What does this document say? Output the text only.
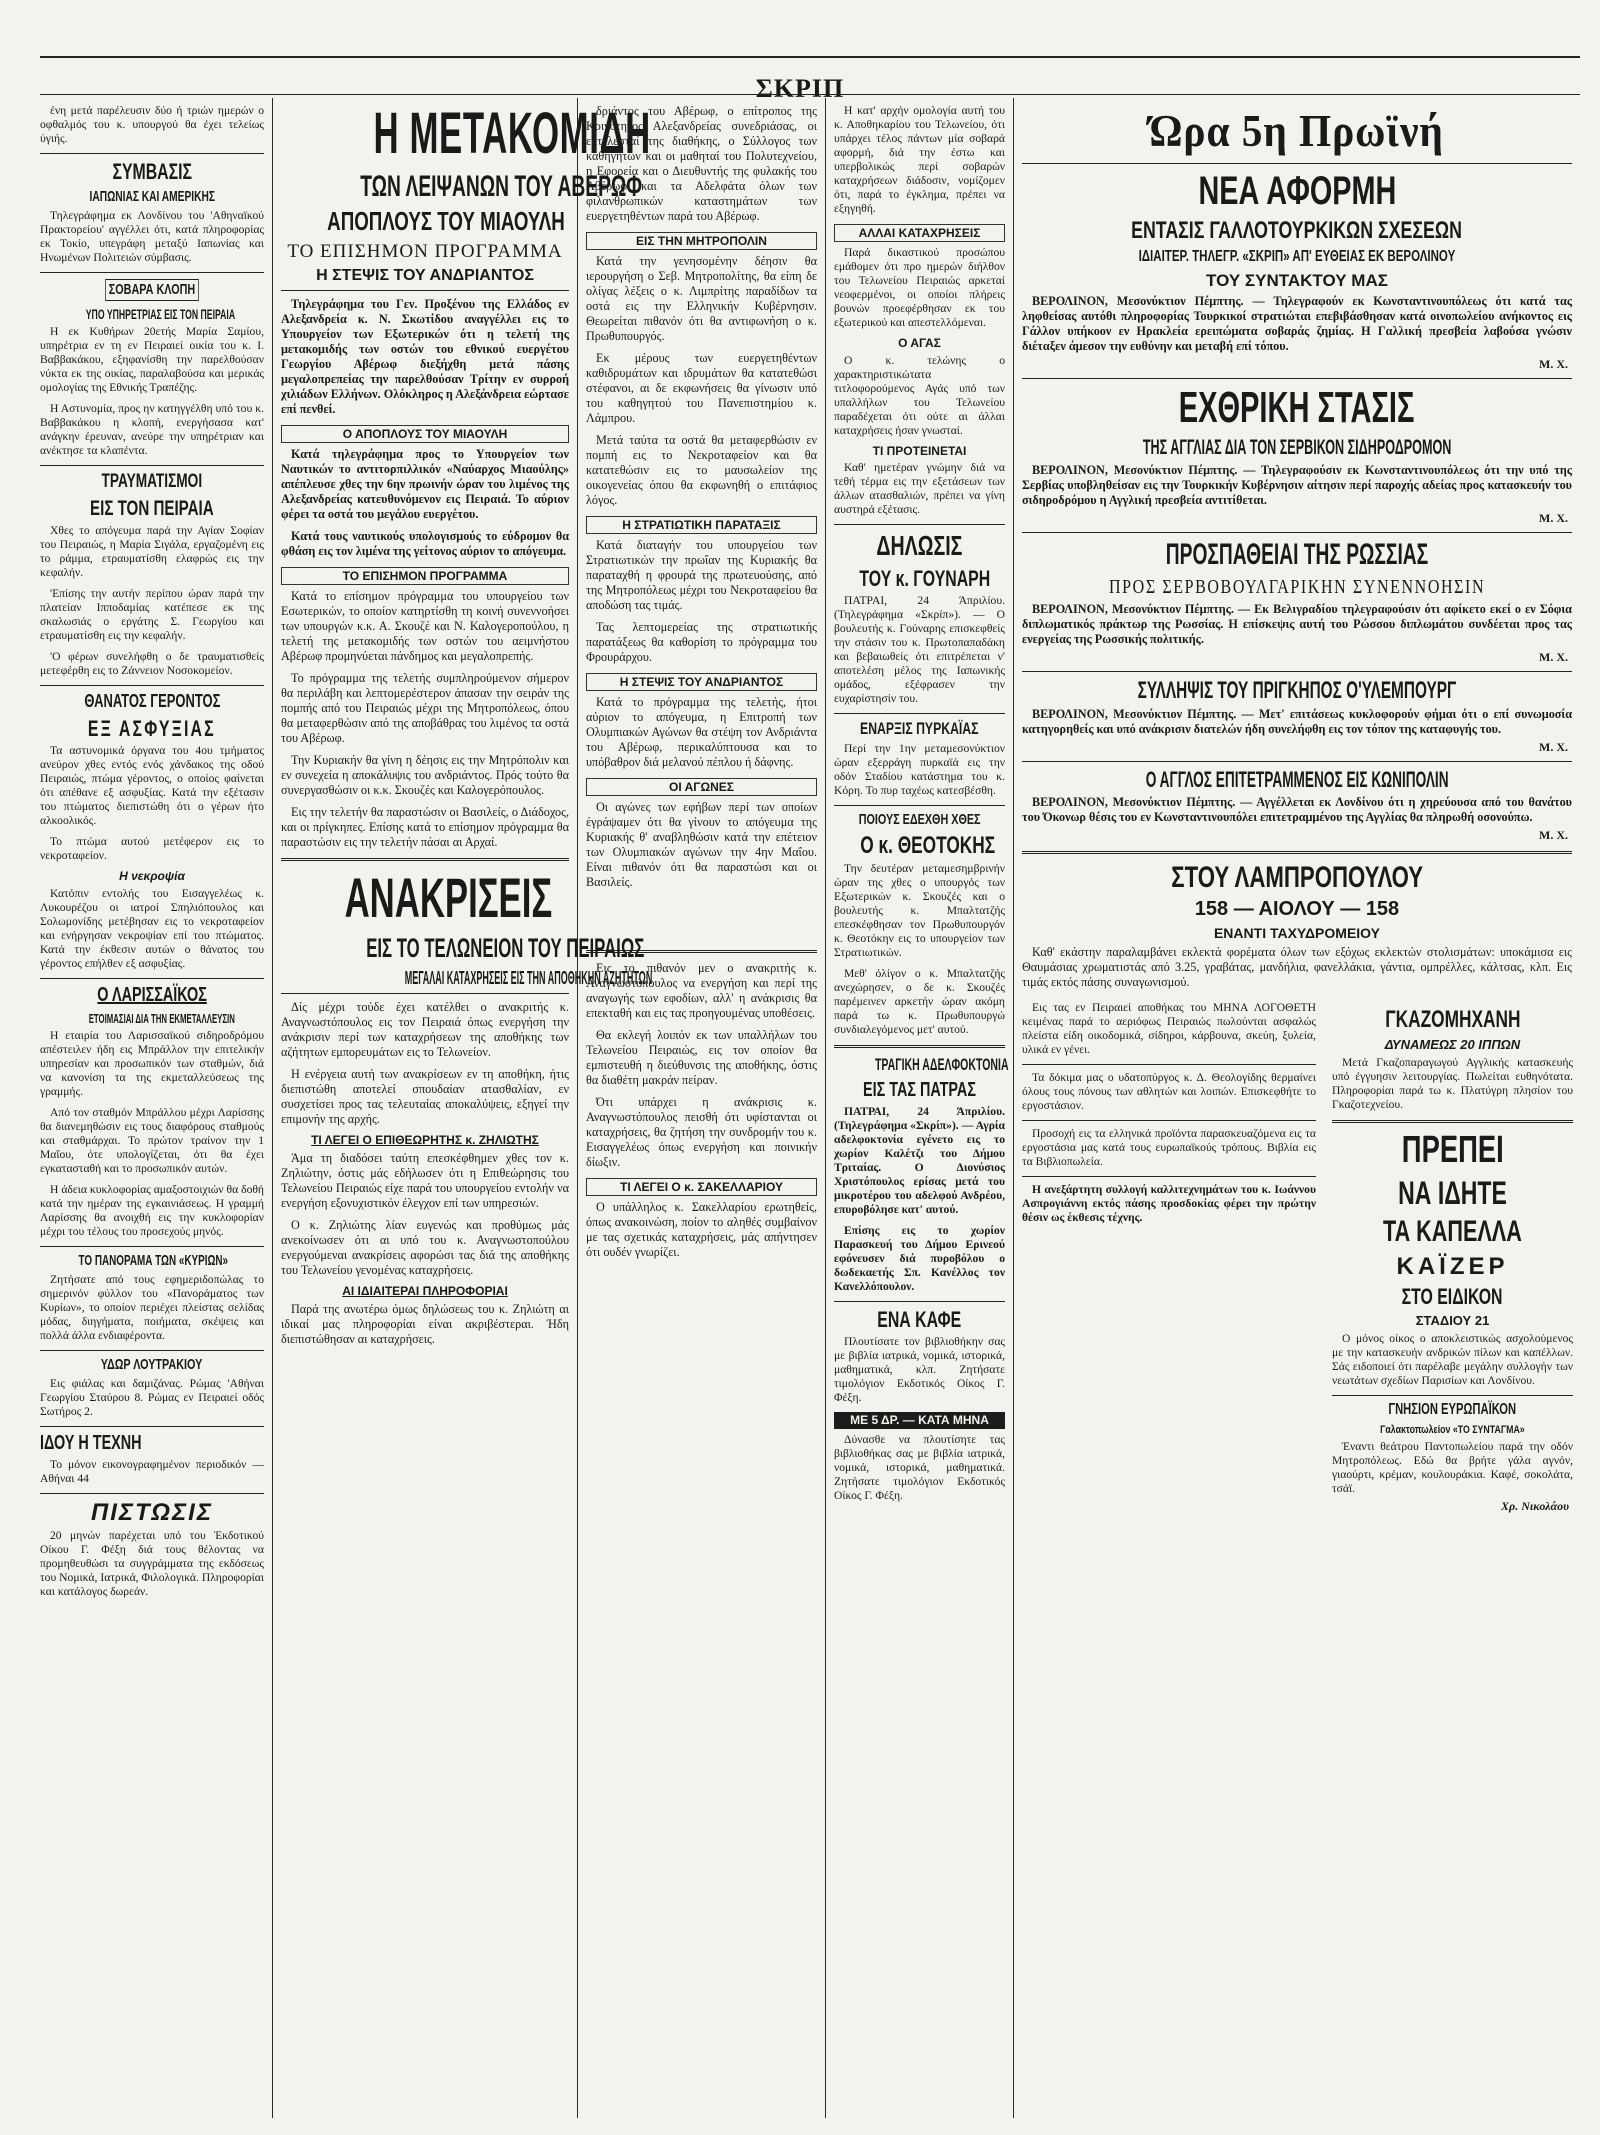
ΣΚΡΙΠ

ένη μετά παρέλευσιν δύο ή τριών ημερών ο οφθαλμός του κ. υπουργού θα έχει τελείως ύγιής.

ΣΥΜΒΑΣΙΣ
ΙΑΠΩΝΙΑΣ ΚΑΙ ΑΜΕΡΙΚΗΣ

Τηλεγράφημα εκ Λονδίνου του 'Αθηναϊκού Πρακτορείου' αγγέλλει ότι, κατά πληροφορίας εκ Τοκίο, υπεγράφη μεταξύ Ιαπωνίας και Ηνωμένων Πολιτειών σύμβασις.

ΣΟΒΑΡΑ ΚΛΟΠΗ
ΥΠΟ ΥΠΗΡΕΤΡΙΑΣ ΕΙΣ ΤΟΝ ΠΕΙΡΑΙΑ

Η εκ Κυθήρων 20ετής Μαρία Σαμίου, υπηρέτρια εν τη εν Πειραιεί οικία του κ. Ι. Βαββακάκου, εξηφανίσθη την παρελθούσαν νύκτα εκ της οικίας, παραλαβούσα και μερικάς ομολογίας της Εθνικής Τραπέζης.

Η Αστυνομία, προς ην κατηγγέλθη υπό του κ. Βαββακάκου η κλοπή, ενεργήσασα κατ' ανάγκην έρευναν, ανεύρε την υπηρέτριαν και ανέκτησε τα κλαπέντα.

ΤΡΑΥΜΑΤΙΣΜΟΙ
ΕΙΣ ΤΟΝ ΠΕΙΡΑΙΑ

Χθες το απόγευμα παρά την Αγίαν Σοφίαν του Πειραιώς, η Μαρία Σιγάλα, εργαζομένη εις το ράμμα, ετραυματίσθη ελαφρώς εις την κεφαλήν.

'Επίσης την αυτήν περίπου ώραν παρά την πλατείαν Ιπποδαμίας κατέπεσε εκ της σκαλωσιάς ο εργάτης Σ. Γεωργίου και ετραυματίσθη εις την κεφαλήν.

'Ο φέρων συνελήφθη ο δε τραυματισθείς μετεφέρθη εις το Ζάννειον Νοσοκομείον.

ΘΑΝΑΤΟΣ ΓΕΡΟΝΤΟΣ
ΕΞ ΑΣΦΥΞΙΑΣ

Τα αστυνομικά όργανα του 4ου τμήματος ανεύρον χθες εντός ενός χάνδακος της οδού Πειραιώς, πτώμα γέροντος, ο οποίος φαίνεται ότι απέθανε εξ ασφυξίας. Κατά την εξέτασιν του πτώματος διεπιστώθη ότι ο γέρων ήτο αλκοολικός.

Το πτώμα αυτού μετέφερον εις το νεκροταφείον.

Η νεκροψία

Κατόπιν εντολής του Εισαγγελέως κ. Λυκουρέζου οι ιατροί Σπηλιόπουλος και Σολωμονίδης μετέβησαν εις το νεκροταφείον και ενήργησαν νεκροψίαν επί του πτώματος. Κατά την έκθεσιν αυτών ο θάνατος του γέροντος επήλθεν εξ ασφυξίας.

Ο ΛΑΡΙΣΣΑΪΚΟΣ
ΕΤΟΙΜΑΣΙΑΙ ΔΙΑ ΤΗΝ ΕΚΜΕΤΑΛΛΕΥΣΙΝ

Η εταιρία του Λαρισσαϊκού σιδηροδρόμου απέστειλεν ήδη εις Μπράλλον την επιτελικήν υπηρεσίαν και προσωπικόν των σταθμών, διά να κανονίση τα της εκμεταλλεύσεως της γραμμής.

Από τον σταθμόν Μπράλλου μέχρι Λαρίσσης θα διανεμηθώσιν εις τους διαφόρους σταθμούς και σταθμάρχαι. Το πρώτον τραίνον την 1 Μαΐου, ότε υπολογίζεται, ότι θα έχει εγκατασταθή και το προσωπικόν αυτών.

Η άδεια κυκλοφορίας αμαξοστοιχιών θα δοθή κατά την ημέραν της εγκαινιάσεως. Η γραμμή Λαρίσσης θα ανοιχθή εις την κυκλοφορίαν μέχρι του τέλους του προσεχούς μηνός.

ΤΟ ΠΑΝΟΡΑΜΑ ΤΩΝ «ΚΥΡΙΩΝ»

Ζητήσατε από τους εφημεριδοπώλας το σημερινόν φύλλον του «Πανοράματος των Κυρίων», το οποίον περιέχει πλείστας σελίδας μόδας, διηγήματα, ποιήματα, σκέψεις και πολλά άλλα ενδιαφέροντα.

ΥΔΩΡ ΛΟΥΤΡΑΚΙΟΥ

Εις φιάλας και δαμιζάνας. Ρώμας 'Αθήναι Γεωργίου Σταύρου 8. Ρώμας εν Πειραιεί οδός Σωτήρος 2.

ΙΔΟΥ Η ΤΕΧΝΗ

Το μόνον εικονογραφημένον περιοδικόν — Αθήναι 44

ΠΙΣΤΩΣΙΣ

20 μηνών παρέχεται υπό του Έκδοτικού Οίκου Γ. Φέξη διά τους θέλοντας να προμηθευθώσι τα συγγράμματα της εκδόσεως του Νομικά, Ιατρικά, Φιλολογικά. Πληροφορίαι και κατάλογος δωρεάν.

Η ΜΕΤΑΚΟΜΙΔΗ
ΤΩΝ ΛΕΙΨΑΝΩΝ ΤΟΥ ΑΒΕΡΩΦ
ΑΠΟΠΛΟΥΣ ΤΟΥ ΜΙΑΟΥΛΗ
ΤΟ ΕΠΙΣΗΜΟΝ ΠΡΟΓΡΑΜΜΑ
Η ΣΤΕΨΙΣ ΤΟΥ ΑΝΔΡΙΑΝΤΟΣ

Τηλεγράφημα του Γεν. Προξένου της Ελλάδος εν Αλεξανδρεία κ. Ν. Σκωτίδου αναγγέλλει εις το Υπουργείον των Εξωτερικών ότι η τελετή της μετακομιδής των οστών του εθνικού ευεργέτου Γεωργίου Αβέρωφ διεξήχθη μετά πάσης μεγαλοπρεπείας την παρελθούσαν Τρίτην εν συρροή χιλιάδων Ελλήνων. Ολόκληρος η Αλεξάνδρεια εώρτασε επί πενθεί.

Ο ΑΠΟΠΛΟΥΣ ΤΟΥ ΜΙΑΟΥΛΗ

Κατά τηλεγράφημα προς το Υπουργείον των Ναυτικών το αντιτορπιλλικόν «Ναύαρχος Μιαούλης» απέπλευσε χθες την 6ην πρωινήν ώραν του λιμένος της Αλεξανδρείας κατευθυνόμενον εις Πειραιά. Το αύριον φέρει τα οστά του μεγάλου ευεργέτου.

Κατά τους ναυτικούς υπολογισμούς το εύδρομον θα φθάση εις τον λιμένα της γείτονος αύριον το απόγευμα.

ΤΟ ΕΠΙΣΗΜΟΝ ΠΡΟΓΡΑΜΜΑ

Κατά το επίσημον πρόγραμμα του υπουργείου των Εσωτερικών, το οποίον κατηρτίσθη τη κοινή συνεννοήσει των υπουργών κ.κ. Α. Σκουζέ και Ν. Καλογεροπούλου, η τελετή της μετακομιδής των οστών του αειμνήστου Αβέρωφ προμηνύεται πάνδημος και μεγαλοπρεπής.

Το πρόγραμμα της τελετής συμπληρούμενον σήμερον θα περιλάβη και λεπτομερέστερον άπασαν την σειράν της πομπής από του Πειραιώς μέχρι της Μητροπόλεως, όπου θα μεταφερθώσιν από της αποβάθρας του λιμένος τα οστά του Αβέρωφ.

Την Κυριακήν θα γίνη η δέησις εις την Μητρόπολιν και εν συνεχεία η αποκάλυψις του ανδριάντος. Πρός τούτο θα συνεργασθώσιν οι κ.κ. Σκουζές και Καλογερόπουλος.

Εις την τελετήν θα παραστώσιν οι Βασιλείς, ο Διάδοχος, και οι πρίγκηπες. Επίσης κατά το επίσημον πρόγραμμα θα παραστώσιν εις την τελετήν πάσαι αι Αρχαί.

ΑΝΑΚΡΙΣΕΙΣ
ΕΙΣ ΤΟ ΤΕΛΩΝΕΙΟΝ ΤΟΥ ΠΕΙΡΑΙΩΣ
ΜΕΓΑΛΑΙ ΚΑΤΑΧΡΗΣΕΙΣ ΕΙΣ ΤΗΝ ΑΠΟΘΗΚΗΝ ΑΖΗΤΗΤΩΝ

Δίς μέχρι τούδε έχει κατέλθει ο ανακριτής κ. Αναγνωστόπουλος εις τον Πειραιά όπως ενεργήση την ανάκρισιν περί των καταχρήσεων της αποθήκης των αζήτητων εμπορευμάτων εις το Τελωνείον.

Η ενέργεια αυτή των ανακρίσεων εν τη αποθήκη, ήτις διεπιστώθη αποτελεί σπουδαίαν ατασθαλίαν, εν συσχετίσει προς τας τελευταίας αποκαλύψεις, εξηγεί την επιμονήν της αρχής.

ΤΙ ΛΕΓΕΙ Ο ΕΠΙΘΕΩΡΗΤΗΣ κ. ΖΗΛΙΩΤΗΣ

Άμα τη διαδόσει ταύτη επεσκέφθημεν χθες τον κ. Ζηλιώτην, όστις μάς εδήλωσεν ότι η Επιθεώρησις του Τελωνείου Πειραιώς είχε παρά του υπουργείου εντολήν να ενεργήση εξονυχιστικόν έλεγχον επί των υπηρεσιών.

Ο κ. Ζηλιώτης λίαν ευγενώς και προθύμως μάς ανεκοίνωσεν ότι αι υπό του κ. Αναγνωστοπούλου ενεργούμεναι ανακρίσεις αφορώσι τας διά της αποθήκης του Τελωνείου γενομένας καταχρήσεις.

ΑΙ ΙΔΙΑΙΤΕΡΑΙ ΠΛΗΡΟΦΟΡΙΑΙ

Παρά της ανωτέρω όμως δηλώσεως του κ. Ζηλιώτη αι ιδικαί μας πληροφορίαι είναι ακριβέστεραι. Ήδη διεπιστώθησαν αι καταχρήσεις.

δριάντος του Αβέρωφ, ο επίτροπος της Κοινότητος Αλεξανδρείας συνεδριάσας, οι εκτελεσταί της διαθήκης, ο Σύλλογος των καθηγητών και οι μαθηταί του Πολυτεχνείου, η Εφορεία και ο Διευθυντής της φυλακής του Αβέρωφ και τα Αδελφάτα όλων των φιλανθρωπικών καταστημάτων των ευεργετηθέντων παρά του Αβέρωφ.

ΕΙΣ ΤΗΝ ΜΗΤΡΟΠΟΛΙΝ

Κατά την γενησομένην δέησιν θα ιερουργήση ο Σεβ. Μητροπολίτης, θα είπη δε ολίγας λέξεις ο κ. Λιμπρίτης παραδίδων τα οστά εις την Ελληνικήν Κυβέρνησιν. Θεωρείται πιθανόν ότι θα αντιφωνήση ο κ. Πρωθυπουργός.

Εκ μέρους των ευεργετηθέντων καθιδρυμάτων και ιδρυμάτων θα κατατεθώσι στέφανοι, αι δε εκφωνήσεις θα γίνωσιν υπό του καθηγητού του Πανεπιστημίου κ. Λάμπρου.

Μετά ταύτα τα οστά θα μεταφερθώσιν εν πομπή εις το Νεκροταφείον και θα κατατεθώσιν εις το μαυσωλείον της οικογενείας όπου θα εκφωνηθή ο επιτάφιος λόγος.

Η ΣΤΡΑΤΙΩΤΙΚΗ ΠΑΡΑΤΑΞΙΣ

Κατά διαταγήν του υπουργείου των Στρατιωτικών την πρωΐαν της Κυριακής θα παραταχθή η φρουρά της πρωτευούσης, από της Μητροπόλεως μέχρι του Νεκροταφείου θα αποδώση τας τιμάς.

Τας λεπτομερείας της στρατιωτικής παρατάξεως θα καθορίση το πρόγραμμα του Φρουράρχου.

Η ΣΤΕΨΙΣ ΤΟΥ ΑΝΔΡΙΑΝΤΟΣ

Κατά το πρόγραμμα της τελετής, ήτοι αύριον το απόγευμα, η Επιτροπή των Ολυμπιακών Αγώνων θα στέψη τον Ανδριάντα του Αβέρωφ, περικαλύπτουσα και το υπόβαθρον διά μελανού πέπλου ή δάφνης.

ΟΙ ΑΓΩΝΕΣ

Οι αγώνες των εφήβων περί των οποίων έγράψαμεν ότι θα γίνουν το απόγευμα της Κυριακής θ' αναβληθώσιν κατά την επέτειον των Ολυμπιακών αγώνων την 4ην Μαΐου. Είναι πιθανόν ότι θα παραστώσι και οι Βασιλείς.

Εις το πιθανόν μεν ο ανακριτής κ. Αναγνωστόπουλος να ενεργήση και περί της αναγωγής των εφοδίων, αλλ' η ανάκρισις θα επεκταθή και εις τας προηγουμένας υποθέσεις.

Θα εκλεγή λοιπόν εκ των υπαλλήλων του Τελωνείου Πειραιώς, εις τον οποίον θα εμπιστευθή η διεύθυνσις της αποθήκης, όστις θα διαθέτη μακράν πείραν.

Ότι υπάρχει η ανάκρισις κ. Αναγνωστόπουλος πεισθή ότι υφίστανται οι καταχρήσεις, θα ζητήση την συνδρομήν του κ. Εισαγγελέως όπως ενεργήση και ποινικήν δίωξιν.

ΤΙ ΛΕΓΕΙ Ο κ. ΣΑΚΕΛΛΑΡΙΟΥ

Ο υπάλληλος κ. Σακελλαρίου ερωτηθείς, όπως ανακοινώση, ποίον το αληθές συμβαίνον με τας σχετικάς καταχρήσεις, μάς απήντησεν ότι ουδέν γνωρίζει.

Η κατ' αρχήν ομολογία αυτή του κ. Αποθηκαρίου του Τελωνείου, ότι υπάρχει τέλος πάντων μία σοβαρά αφορμή, διά την έστω και υπερβολικώς περί σοβαρών καταχρήσεων διάδοσιν, νομίζομεν ότι, παρά το έγκλημα, πρέπει να εξηγηθή.

ΑΛΛΑΙ ΚΑΤΑΧΡΗΣΕΙΣ

Παρά δικαστικού προσώπου εμάθομεν ότι προ ημερών διήλθον του Τελωνείου Πειραιώς αρκεταί νεοφερμένοι, οι οποίοι πλήρεις βουνών προεφέρθησαν εκ του εξωτερικού και απεστελλόμεναι.

Ο ΑΓΑΣ

Ο κ. τελώνης ο χαρακτηριστικώτατα τιτλοφορούμενος Αγάς υπό των υπαλλήλων του Τελωνείου παραδέχεται ότι ούτε αι άλλαι καταχρήσεις ήσαν γνωσταί.

ΤΙ ΠΡΟΤΕΙΝΕΤΑΙ

Καθ' ημετέραν γνώμην διά να τεθή τέρμα εις την εξετάσεων των άλλων ατασθαλιών, πρέπει να γίνη αυστηρά εξέτασις.

ΔΗΛΩΣΙΣ
ΤΟΥ κ. ΓΟΥΝΑΡΗ

ΠΑΤΡΑΙ, 24 Άπριλίου. (Τηλεγράφημα «Σκρίπ»). — Ο βουλευτής κ. Γούναρης επισκεφθείς την στάσιν του κ. Πρωτοπαπαδάκη και βεβαιωθείς ότι επιτρέπεται ν' αποτελέση μέλος της Ιαπωνικής ομάδος, εξέφρασεν την ευχαρίστησίν του.

ΕΝΑΡΞΙΣ ΠΥΡΚΑΪΑΣ

Περί την 1ην μεταμεσονύκτιον ώραν εξερράγη πυρκαϊά εις την οδόν Σταδίου κατάστημα του κ. Κόρη. Το πυρ ταχέως κατεσβέσθη.

ΠΟΙΟΥΣ ΕΔΕΧΘΗ ΧΘΕΣ
Ο κ. ΘΕΟΤΟΚΗΣ

Την δευτέραν μεταμεσημβρινήν ώραν της χθες ο υπουργός των Εξωτερικών κ. Σκουζές και ο βουλευτής κ. Μπαλτατζής επεσκέφθησαν τον Πρωθυπουργόν κ. Θεοτόκην εις το υπουργείον των Στρατιωτικών.

Μεθ' όλίγον ο κ. Μπαλτατζής ανεχώρησεν, ο δε κ. Σκουζές παρέμεινεν αρκετήν ώραν ακόμη παρά τω κ. Πρωθυπουργώ συνδιαλεγόμενος μετ' αυτού.

ΤΡΑΓΙΚΗ ΑΔΕΛΦΟΚΤΟΝΙΑ
ΕΙΣ ΤΑΣ ΠΑΤΡΑΣ

ΠΑΤΡΑΙ, 24 Άπριλίου. (Τηλεγράφημα «Σκρίπ»). — Αγρία αδελφοκτονία εγένετο εις το χωρίον Καλέτζι του Δήμου Τριταίας. Ο Διονύσιος Χριστόπουλος ερίσας μετά του μικροτέρου του αδελφού Ανδρέου, επυροβόλησε κατ' αυτού.

Επίσης εις το χωρίον Παρασκευή του Δήμου Ερινεού εφόνευσεν διά πυροβόλου ο δωδεκαετής Σπ. Κανέλλος τον Κανελλόπουλον.

ΕΝΑ ΚΑΦΕ

Πλουτίσατε τον βιβλιοθήκην σας με βιβλία ιατρικά, νομικά, ιστορικά, μαθηματικά, κλπ. Ζητήσατε τιμολόγιον Εκδοτικός Οίκος Γ. Φέξη.

ΜΕ 5 ΔΡ. — ΚΑΤΑ ΜΗΝΑ

Δύνασθε να πλουτίσητε τας βιβλιοθήκας σας με βιβλία ιατρικά, νομικά, ιστορικά, μαθηματικά. Ζητήσατε τιμολόγιον Εκδοτικός Οίκος Γ. Φέξη.

Ώρα 5η Πρωϊνή
ΝΕΑ ΑΦΟΡΜΗ
ΕΝΤΑΣΙΣ ΓΑΛΛΟΤΟΥΡΚΙΚΩΝ ΣΧΕΣΕΩΝ
ΙΔΙΑΙΤΕΡ. ΤΗΛΕΓΡ. «ΣΚΡΙΠ» ΑΠ' ΕΥΘΕΙΑΣ ΕΚ ΒΕΡΟΛΙΝΟΥ
ΤΟΥ ΣΥΝΤΑΚΤΟΥ ΜΑΣ

ΒΕΡΟΛΙΝΟΝ, Μεσονύκτιον Πέμπτης. — Τηλεγραφούν εκ Κωνσταντινουπόλεως ότι κατά τας ληφθείσας αυτόθι πληροφορίας Τουρκικοί στρατιώται επεβιβάσθησαν κατά οινοπωλείου ανήκοντος εις Γάλλον υπήκοον εν Ηρακλεία ερειπώματα σοβαράς ζημίας. Η Γαλλική πρεσβεία λαβούσα γνώσιν διέταξεν άμεσον την ευθύνην και μεταβή επί τόπου.

Μ. Χ.
ΕΧΘΡΙΚΗ ΣΤΑΣΙΣ
ΤΗΣ ΑΓΓΛΙΑΣ ΔΙΑ ΤΟΝ ΣΕΡΒΙΚΟΝ ΣΙΔΗΡΟΔΡΟΜΟΝ

ΒΕΡΟΛΙΝΟΝ, Μεσονύκτιον Πέμπτης. — Τηλεγραφούσιν εκ Κωνσταντινουπόλεως ότι την υπό της Σερβίας υποβληθείσαν εις την Τουρκικήν Κυβέρνησιν αίτησιν περί παροχής αδείας προς κατασκευήν του σιδηροδρόμου η Αγγλική πρεσβεία αντιτίθεται.

Μ. Χ.
ΠΡΟΣΠΑΘΕΙΑΙ ΤΗΣ ΡΩΣΣΙΑΣ
ΠΡΟΣ ΣΕΡΒΟΒΟΥΛΓΑΡΙΚΗΝ ΣΥΝΕΝΝΟΗΣΙΝ

ΒΕΡΟΛΙΝΟΝ, Μεσονύκτιον Πέμπτης. — Εκ Βελιγραδίου τηλεγραφούσιν ότι αφίκετο εκεί ο εν Σόφια διπλωματικός πράκτωρ της Ρωσσίας. Η επίσκεψις αυτή του Ρώσσου διπλωμάτου συνδέεται προς τας ενεργείας της Ρωσσικής πολιτικής.

Μ. Χ.
ΣΥΛΛΗΨΙΣ ΤΟΥ ΠΡΙΓΚΗΠΟΣ Ο'ΥΛΕΜΠΟΥΡΓ

ΒΕΡΟΛΙΝΟΝ, Μεσονύκτιον Πέμπτης. — Μετ' επιτάσεως κυκλοφορούν φήμαι ότι ο επί συνωμοσία κατηγορηθείς και υπό ανάκρισιν διατελών ήδη συνελήφθη εις τον τόπον της καταφυγής του.

Μ. Χ.
Ο ΑΓΓΛΟΣ ΕΠΙΤΕΤΡΑΜΜΕΝΟΣ ΕΙΣ ΚΩΝΙΠΟΛΙΝ

ΒΕΡΟΛΙΝΟΝ, Μεσονύκτιον Πέμπτης. — Αγγέλλεται εκ Λονδίνου ότι η χηρεύουσα από του θανάτου του Όκονωρ θέσις του εν Κωνσταντινουπόλει επιτετραμμένου της Αγγλίας θα πληρωθή οσονούπω.

Μ. Χ.
ΣΤΟΥ ΛΑΜΠΡΟΠΟΥΛΟΥ
158 — ΑΙΟΛΟΥ — 158
ΕΝΑΝΤΙ ΤΑΧΥΔΡΟΜΕΙΟΥ

Καθ' εκάστην παραλαμβάνει εκλεκτά φορέματα όλων των εξόχως εκλεκτών στολισμάτων: υποκάμισα εις Θαυμάσιας χρωματιστάς από 3.25, γραβάτας, μανδήλια, φανελλάκια, γάντια, ομπρέλλες, κάλτσας, κλπ. Εις τιμάς εκτός πάσης συναγωνισμού.

Εις τας εν Πειραιεί αποθήκας του ΜΗΝΑ ΛΟΓΟΘΕΤΗ κειμένας παρά το αεριόφως Πειραιώς πωλούνται ασφαλώς πλείστα είδη οικοδομικά, σίδηροι, κάρβουνα, σκεύη, ξυλεία, υλικά εν γένει.

Τα δόκιμα μας ο υδατοπύργος κ. Δ. Θεολογίδης θερμαίνει όλους τους πόνους των αθλητών και λοιπών. Επισκεφθήτε το εργοστάσιον.

Προσοχή εις τα ελληνικά προϊόντα παρασκευαζόμενα εις τα εργοστάσια μας κατά τους ευρωπαϊκούς τρόπους. Βιβλία εις τα Βιβλιοπωλεία.

Η ανεξάρτητη συλλογή καλλιτεχνημάτων του κ. Ιωάννου Ασπρογιάννη εκτός πάσης προσδοκίας φέρει την πρώτην θέσιν ως έκθεσις τέχνης.

ΓΚΑΖΟΜΗΧΑΝΗ
ΔΥΝΑΜΕΩΣ 20 ΙΠΠΩΝ

Μετά Γκαζοπαραγωγού Αγγλικής κατασκευής υπό έγγυησιν λειτουργίας. Πωλείται ευθηνότατα. Πληροφορίαι παρά τω κ. Πλατύγρη πλησίον του Γκαζοτεχνείου.

ΠΡΕΠΕΙ
ΝΑ ΙΔΗΤΕ
ΤΑ ΚΑΠΕΛΛΑ
ΚΑΪΖΕΡ
ΣΤΟ ΕΙΔΙΚΟΝ
ΣΤΑΔΙΟΥ 21

Ο μόνος οίκος ο αποκλειστικώς ασχολούμενος με την κατασκευήν ανδρικών πίλων και καπέλλων. Σάς ειδοποιεί ότι παρέλαβε μεγάλην συλλογήν των νεωτάτων σχεδίων Παρισίων και Λονδίνου.

ΓΝΗΣΙΟΝ ΕΥΡΩΠΑΪΚΟΝ
Γαλακτοπωλείον «ΤΟ ΣΥΝΤΑΓΜΑ»

Έναντι θεάτρου Παντοπωλείου παρά την οδόν Μητροπόλεως. Εδώ θα βρήτε γάλα αγνόν, γιαούρτι, κρέμαν, κουλουράκια. Καφέ, σοκολάτα, τσάϊ.

Χρ. Νικολάου
